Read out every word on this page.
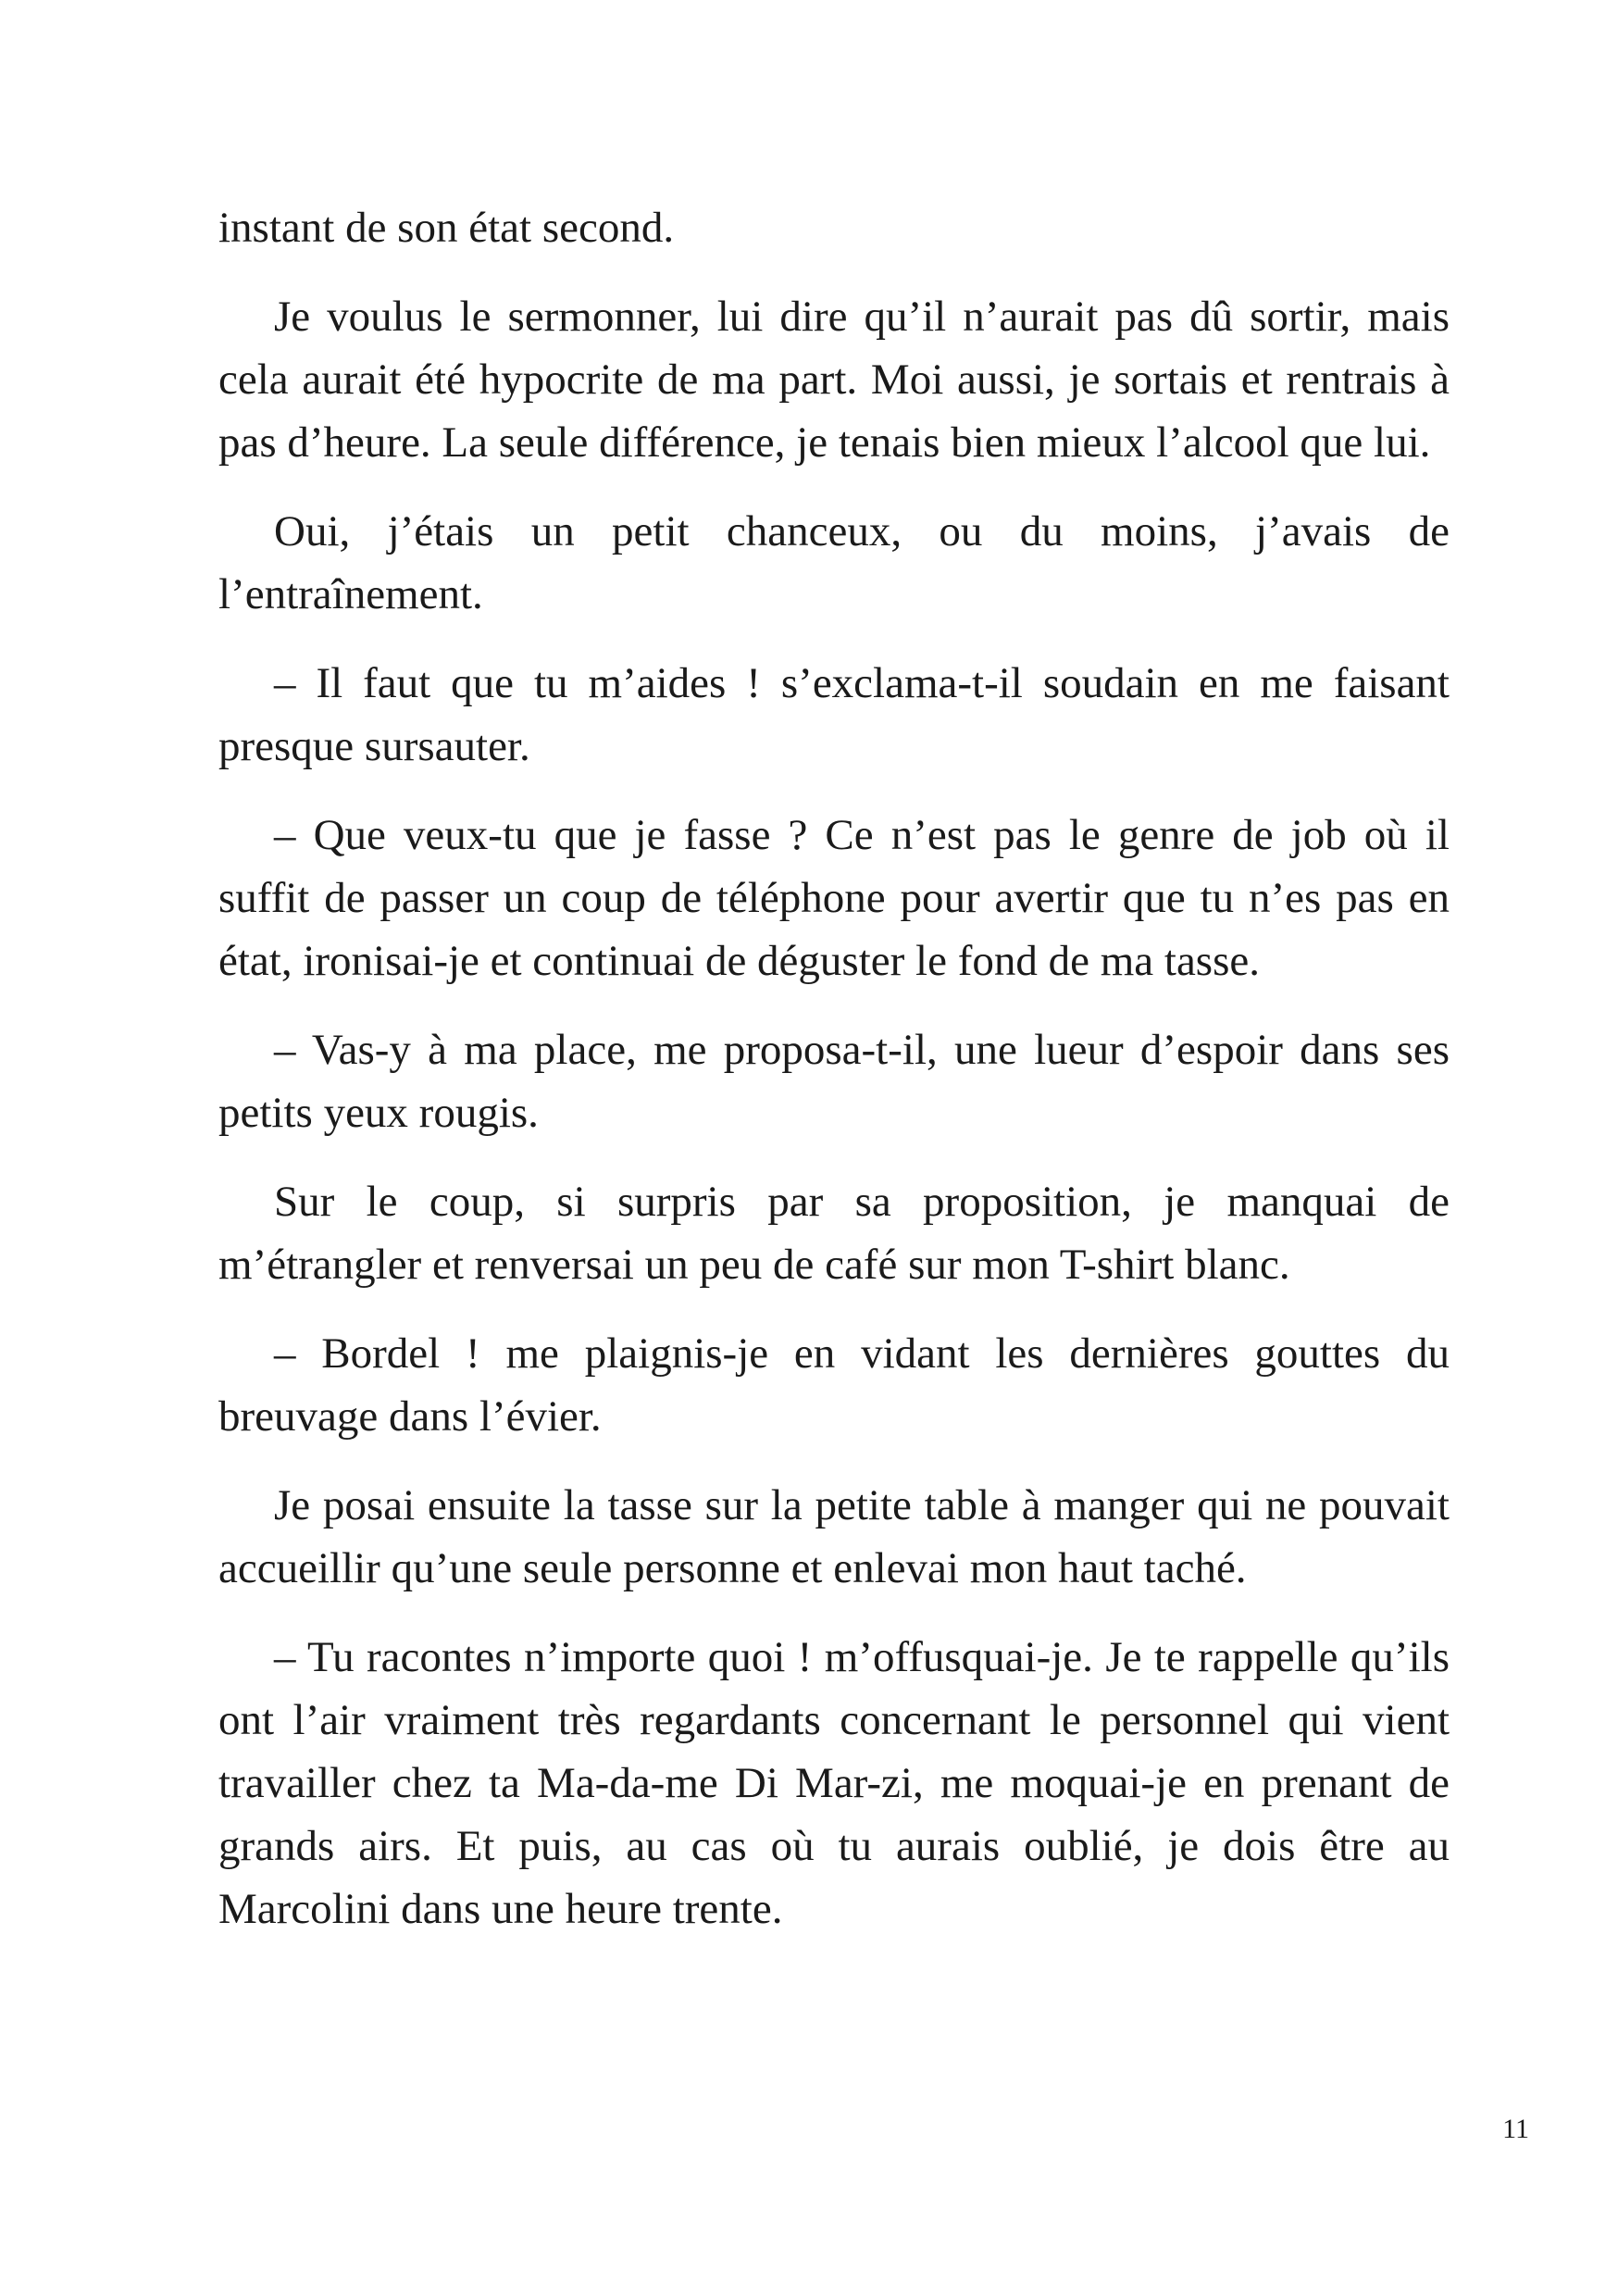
instant de son état second.

Je voulus le sermonner, lui dire qu’il n’aurait pas dû sortir, mais cela aurait été hypocrite de ma part. Moi aussi, je sortais et rentrais à pas d’heure. La seule différence, je tenais bien mieux l’alcool que lui.

Oui, j’étais un petit chanceux, ou du moins, j’avais de l’entraînement.

– Il faut que tu m’aides ! s’exclama-t-il soudain en me faisant presque sursauter.

– Que veux-tu que je fasse ? Ce n’est pas le genre de job où il suffit de passer un coup de téléphone pour avertir que tu n’es pas en état, ironisai-je et continuai de déguster le fond de ma tasse.

– Vas-y à ma place, me proposa-t-il, une lueur d’espoir dans ses petits yeux rougis.

Sur le coup, si surpris par sa proposition, je manquai de m’étrangler et renversai un peu de café sur mon T-shirt blanc.

– Bordel ! me plaignis-je en vidant les dernières gouttes du breuvage dans l’évier.

Je posai ensuite la tasse sur la petite table à manger qui ne pouvait accueillir qu’une seule personne et enlevai mon haut taché.

– Tu racontes n’importe quoi ! m’offusquai-je. Je te rappelle qu’ils ont l’air vraiment très regardants concernant le personnel qui vient travailler chez ta Ma-da-me Di Mar-zi, me moquai-je en prenant de grands airs. Et puis, au cas où tu aurais oublié, je dois être au Marcolini dans une heure trente.

11
